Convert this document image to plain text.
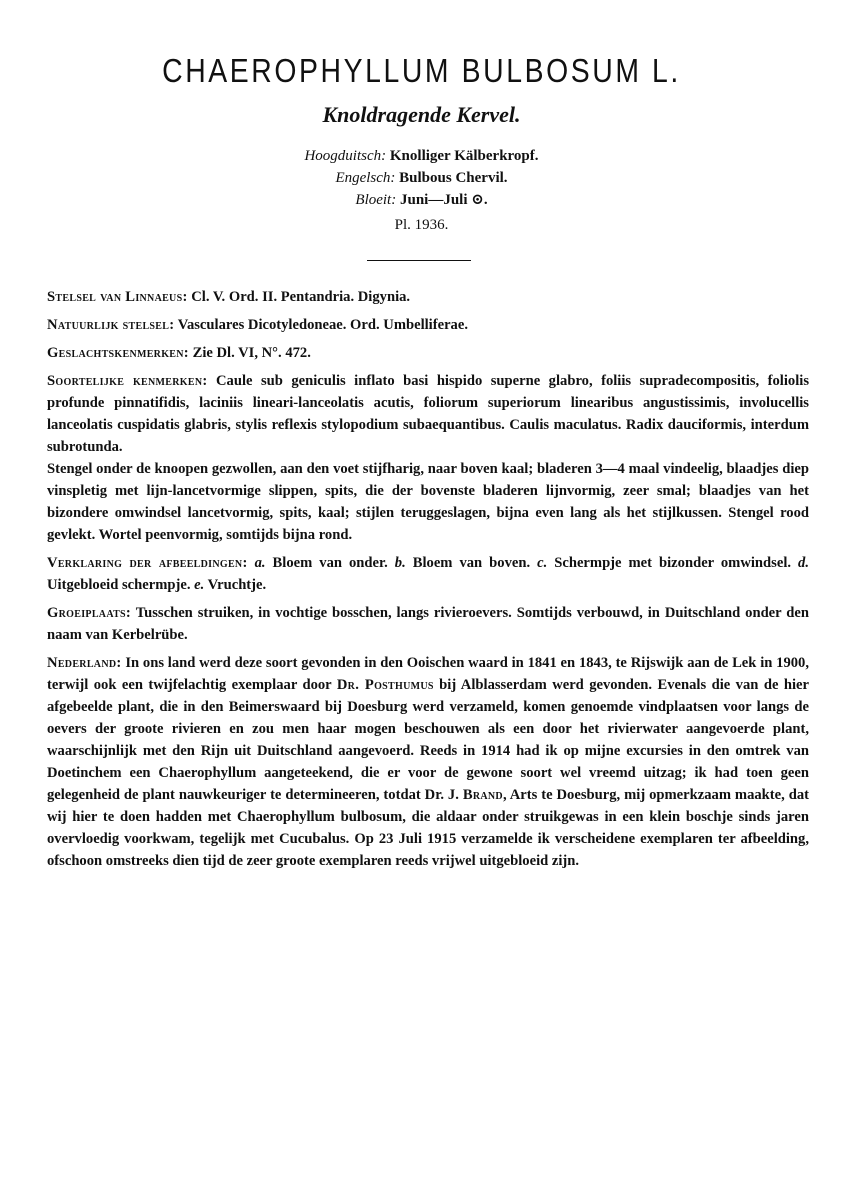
CHAEROPHYLLUM BULBOSUM L.
Knoldragende Kervel.
Hoogduitsch: Knolliger Kälberkropf.
Engelsch: Bulbous Chervil.
Bloeit: Juni—Juli ⊙.
Pl. 1936.

Stelsel van Linnaeus: Cl. V. Ord. II. Pentandria. Digynia.

Natuurlijk stelsel: Vasculares Dicotyledoneae. Ord. Umbelliferae.

Geslachtskenmerken: Zie Dl. VI, N°. 472.

Soortelijke kenmerken: Caule sub geniculis inflato basi hispido superne glabro, foliis supradecompositis, foliolis profunde pinnatifidis, laciniis lineari-lanceolatis acutis, foliorum superiorum linearibus angustissimis, involucellis lanceolatis cuspidatis glabris, stylis reflexis stylopodium subaequantibus. Caulis maculatus. Radix dauciformis, interdum subrotunda.

Stengel onder de knoopen gezwollen, aan den voet stijfharig, naar boven kaal; bladeren 3—4 maal vindeelig, blaadjes diep vinspletig met lijn-lancetvormige slippen, spits, die der bovenste bladeren lijnvormig, zeer smal; blaadjes van het bizondere omwindsel lancetvormig, spits, kaal; stijlen teruggeslagen, bijna even lang als het stijlkussen. Stengel rood gevlekt. Wortel peenvormig, somtijds bijna rond.

Verklaring der afbeeldingen: a. Bloem van onder. b. Bloem van boven. c. Schermpje met bizonder omwindsel. d. Uitgebloeid schermpje. e. Vruchtje.

Groeiplaats: Tusschen struiken, in vochtige bosschen, langs rivieroevers. Somtijds verbouwd, in Duitschland onder den naam van Kerbelrübe.

Nederland: In ons land werd deze soort gevonden in den Ooischen waard in 1841 en 1843, te Rijswijk aan de Lek in 1900, terwijl ook een twijfelachtig exemplaar door Dr. Posthumus bij Alblasserdam werd gevonden. Evenals die van de hier afgebeelde plant, die in den Beimerswaard bij Doesburg werd verzameld, komen genoemde vindplaatsen voor langs de oevers der groote rivieren en zou men haar mogen beschouwen als een door het rivierwater aangevoerde plant, waarschijnlijk met den Rijn uit Duitschland aangevoerd. Reeds in 1914 had ik op mijne excursies in den omtrek van Doetinchem een Chaerophyllum aangeteekend, die er voor de gewone soort wel vreemd uitzag; ik had toen geen gelegenheid de plant nauwkeuriger te determineeren, totdat Dr. J. Brand, Arts te Doesburg, mij opmerkzaam maakte, dat wij hier te doen hadden met Chaerophyllum bulbosum, die aldaar onder struikgewas in een klein boschje sinds jaren overvloedig voorkwam, tegelijk met Cucubalus. Op 23 Juli 1915 verzamelde ik verscheidene exemplaren ter afbeelding, ofschoon omstreeks dien tijd de zeer groote exemplaren reeds vrijwel uitgebloeid zijn.
